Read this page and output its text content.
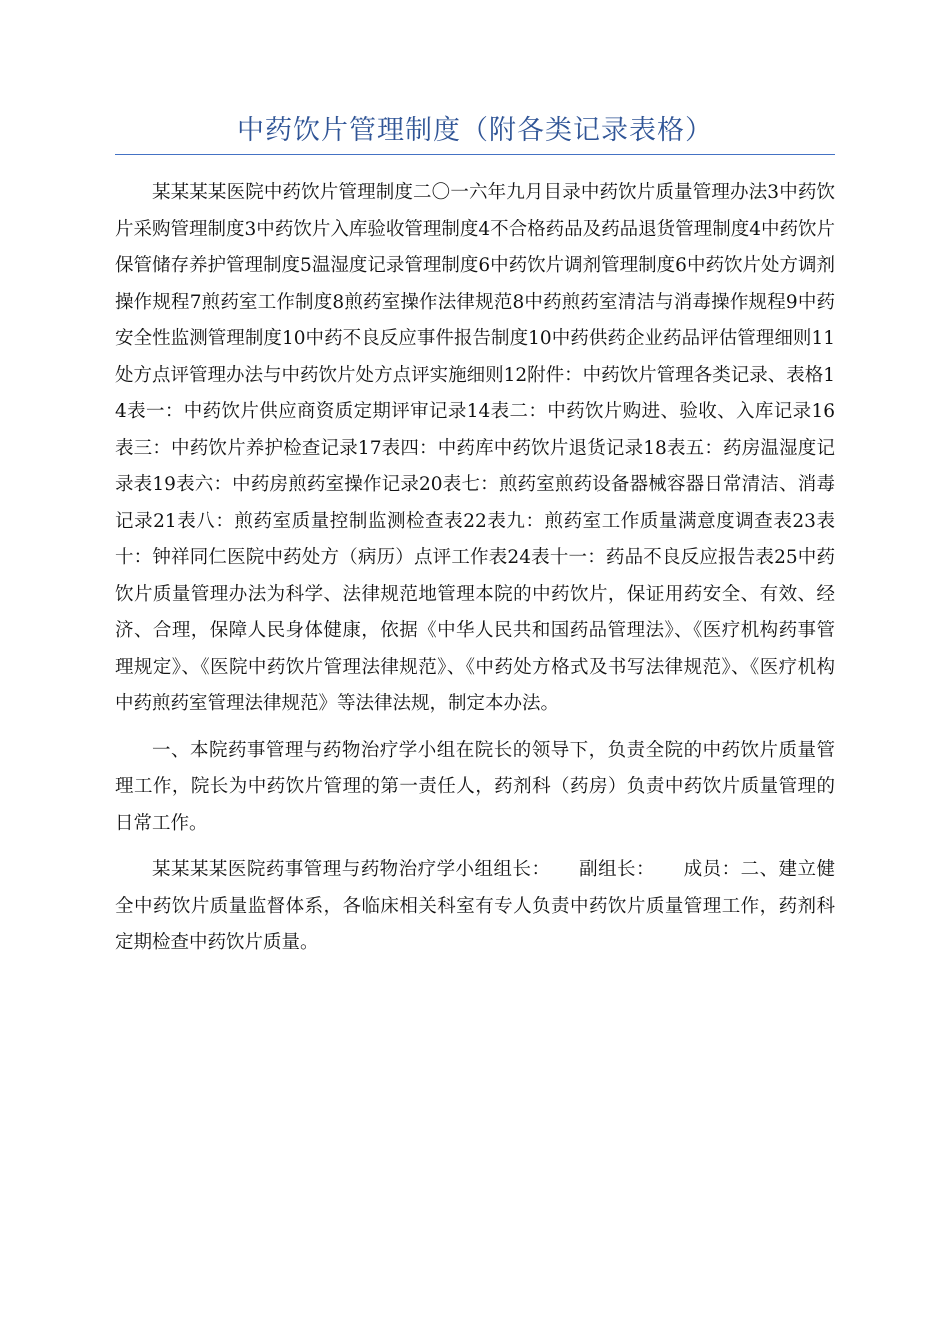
中药饮片管理制度（附各类记录表格）

某某某某医院中药饮片管理制度二〇一六年九月目录中药饮片质量管理办法3中药饮片采购管理制度3中药饮片入库验收管理制度4不合格药品及药品退货管理制度4中药饮片保管储存养护管理制度5温湿度记录管理制度6中药饮片调剂管理制度6中药饮片处方调剂操作规程7煎药室工作制度8煎药室操作法律规范8中药煎药室清洁与消毒操作规程9中药安全性监测管理制度10中药不良反应事件报告制度10中药供药企业药品评估管理细则11处方点评管理办法与中药饮片处方点评实施细则12附件：中药饮片管理各类记录、表格14表一：中药饮片供应商资质定期评审记录14表二：中药饮片购进、验收、入库记录16表三：中药饮片养护检查记录17表四：中药库中药饮片退货记录18表五：药房温湿度记录表19表六：中药房煎药室操作记录20表七：煎药室煎药设备器械容器日常清洁、消毒记录21表八：煎药室质量控制监测检查表22表九：煎药室工作质量满意度调查表23表十：钟祥同仁医院中药处方（病历）点评工作表24表十一：药品不良反应报告表25中药饮片质量管理办法为科学、法律规范地管理本院的中药饮片，保证用药安全、有效、经济、合理，保障人民身体健康，依据《中华人民共和国药品管理法》、《医疗机构药事管理规定》、《医院中药饮片管理法律规范》、《中药处方格式及书写法律规范》、《医疗机构中药煎药室管理法律规范》等法律法规，制定本办法。

一、本院药事管理与药物治疗学小组在院长的领导下，负责全院的中药饮片质量管理工作，院长为中药饮片管理的第一责任人，药剂科（药房）负责中药饮片质量管理的日常工作。

某某某某医院药事管理与药物治疗学小组组长：　　副组长：　　成员：二、建立健全中药饮片质量监督体系，各临床相关科室有专人负责中药饮片质量管理工作，药剂科定期检查中药饮片质量。
